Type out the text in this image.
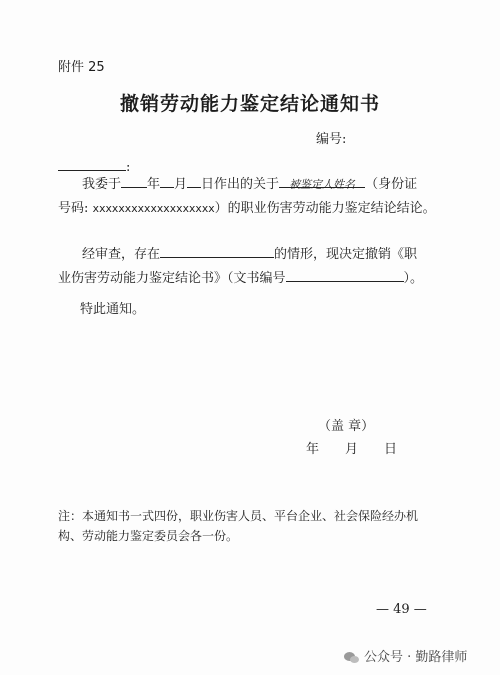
附件 25
撤销劳动能力鉴定结论通知书
编号:
:
我委于 年 月 日作出的关于 被鉴定人姓名 （身份证
号码: xxxxxxxxxxxxxxxxxxx）的职业伤害劳动能力鉴定结论结论。
经审查，存在	的情形，现决定撤销《职
业伤害劳动能力鉴定结论书》（文书编号	）。
特此通知。
（盖 章）
年　　月　　日
注：本通知书一式四份，职业伤害人员、平台企业、社会保险经办机
构、劳动能力鉴定委员会各一份。
— 49 —
公众号 · 勤路律师
